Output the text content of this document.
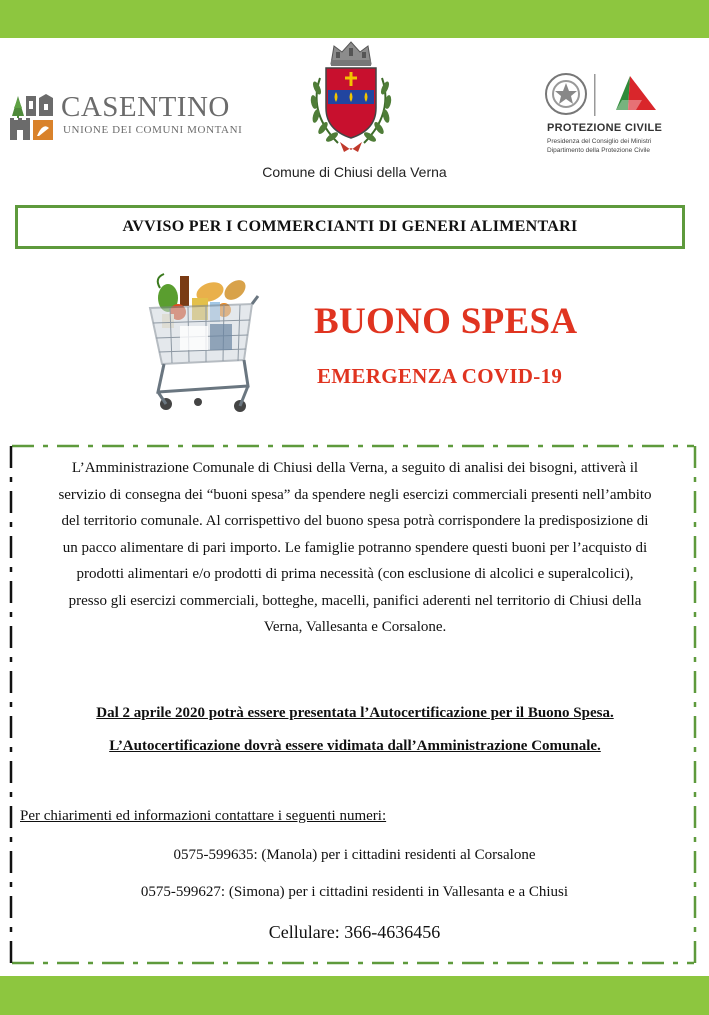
CASENTINO
UNIONE DEI COMUNI MONTANI
Comune di Chiusi della Verna
PROTEZIONE CIVILE
Presidenza del Consiglio dei Ministri
Dipartimento della Protezione Civile
AVVISO PER I COMMERCIANTI DI GENERI ALIMENTARI
BUONO SPESA
EMERGENZA COVID-19
L’Amministrazione Comunale di Chiusi della Verna, a seguito di analisi dei bisogni, attiverà il
servizio di consegna dei “buoni spesa” da spendere negli esercizi commerciali presenti nell’ambito
del territorio comunale. Al corrispettivo del buono spesa potrà corrispondere la predisposizione di
un pacco alimentare di pari importo. Le famiglie potranno spendere questi buoni per l’acquisto di
prodotti alimentari e/o prodotti di prima necessità (con esclusione di alcolici e superalcolici),
presso gli esercizi commerciali, botteghe, macelli, panifici aderenti nel territorio di Chiusi della
Verna, Vallesanta e Corsalone.
Dal 2 aprile 2020 potrà essere presentata l’Autocertificazione per il Buono Spesa.
L’Autocertificazione dovrà essere vidimata dall’Amministrazione Comunale.
Per chiarimenti ed informazioni contattare i seguenti numeri:
0575-599635: (Manola) per i cittadini residenti al Corsalone
0575-599627: (Simona) per i cittadini residenti in Vallesanta e a Chiusi
Cellulare: 366-4636456
